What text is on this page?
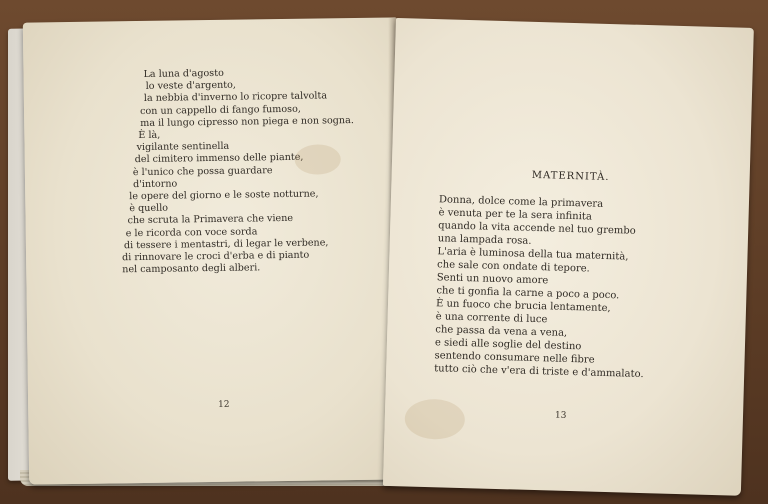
La luna d'agosto
lo veste d'argento,
la nebbia d'inverno lo ricopre talvolta
con un cappello di fango fumoso,
ma il lungo cipresso non piega e non sogna.
È là,
vigilante sentinella
del cimitero immenso delle piante,
è l'unico che possa guardare
d'intorno
le opere del giorno e le soste notturne,
è quello
che scruta la Primavera che viene
e le ricorda con voce sorda
di tessere i mentastri, di legar le verbene,
di rinnovare le croci d'erba e di pianto
nel camposanto degli alberi.
12
MATERNITÀ.
Donna, dolce come la primavera
è venuta per te la sera infinita
quando la vita accende nel tuo grembo
una lampada rosa.
L'aria è luminosa della tua maternità,
che sale con ondate di tepore.
Senti un nuovo amore
che ti gonfia la carne a poco a poco.
È un fuoco che brucia lentamente,
è una corrente di luce
che passa da vena a vena,
e siedi alle soglie del destino
sentendo consumare nelle fibre
tutto ciò che v'era di triste e d'ammalato.
13
